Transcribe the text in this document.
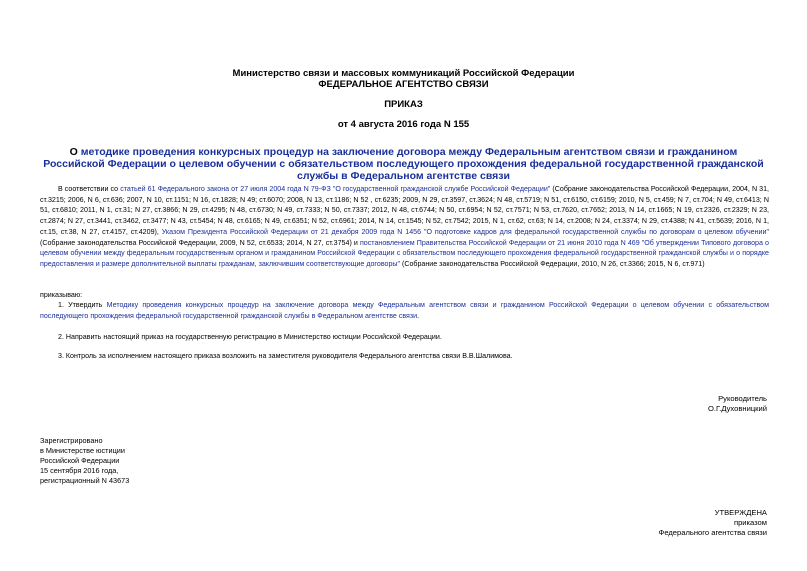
Министерство связи и массовых коммуникаций Российской Федерации
ФЕДЕРАЛЬНОЕ АГЕНТСТВО СВЯЗИ
ПРИКАЗ
от 4 августа 2016 года N 155
О методике проведения конкурсных процедур на заключение договора между Федеральным агентством связи и гражданином Российской Федерации о целевом обучении с обязательством последующего прохождения федеральной государственной гражданской службы в Федеральном агентстве связи
В соответствии со статьей 61 Федерального закона от 27 июля 2004 года N 79-ФЗ "О государственной гражданской службе Российской Федерации" (Собрание законодательства Российской Федерации, 2004, N 31, ст.3215; 2006, N 6, ст.636; 2007, N 10, ст.1151; N 16, ст.1828; N 49; ст.6070; 2008, N 13, ст.1186; N 52 , ст.6235; 2009, N 29, ст.3597, ст.3624; N 48, ст.5719; N 51, ст.6150, ст.6159; 2010, N 5, ст.459; N 7, ст.704; N 49, ст.6413; N 51, ст.6810; 2011, N 1, ст.31; N 27, ст.3866; N 29, ст.4295; N 48, ст.6730; N 49, ст.7333; N 50, ст.7337; 2012, N 48, ст.6744; N 50, ст.6954; N 52, ст.7571; N 53, ст.7620, ст.7652; 2013, N 14, ст.1665; N 19, ст.2326, ст.2329; N 23, ст.2874; N 27, ст.3441, ст.3462, ст.3477; N 43, ст.5454; N 48, ст.6165; N 49, ст.6351; N 52, ст.6961; 2014, N 14, ст.1545; N 52, ст.7542; 2015, N 1, ст.62, ст.63; N 14, ст.2008; N 24, ст.3374; N 29, ст.4388; N 41, ст.5639; 2016, N 1, ст.15, ст.38, N 27, ст.4157, ст.4209), Указом Президента Российской Федерации от 21 декабря 2009 года N 1456 "О подготовке кадров для федеральной государственной службы по договорам о целевом обучении" (Собрание законодательства Российской Федерации, 2009, N 52, ст.6533; 2014, N 27, ст.3754) и постановлением Правительства Российской Федерации от 21 июня 2010 года N 469 "Об утверждении Типового договора о целевом обучении между федеральным государственным органом и гражданином Российской Федерации с обязательством последующего прохождения федеральной государственной гражданской службы и о порядке предоставления и размере дополнительной выплаты гражданам, заключившим соответствующие договоры" (Собрание законодательства Российской Федерации, 2010, N 26, ст.3366; 2015, N 6, ст.971)
приказываю:
1. Утвердить Методику проведения конкурсных процедур на заключение договора между Федеральным агентством связи и гражданином Российской Федерации о целевом обучении с обязательством последующего прохождения федеральной государственной гражданской службы в Федеральном агентстве связи.
2. Направить настоящий приказ на государственную регистрацию в Министерство юстиции Российской Федерации.
3. Контроль за исполнением настоящего приказа возложить на заместителя руководителя Федерального агентства связи В.В.Шалимова.
Руководитель
О.Г.Духовницкий
Зарегистрировано
в Министерстве юстиции
Российской Федерации
15 сентября 2016 года,
регистрационный N 43673
УТВЕРЖДЕНА
приказом
Федерального агентства связи
